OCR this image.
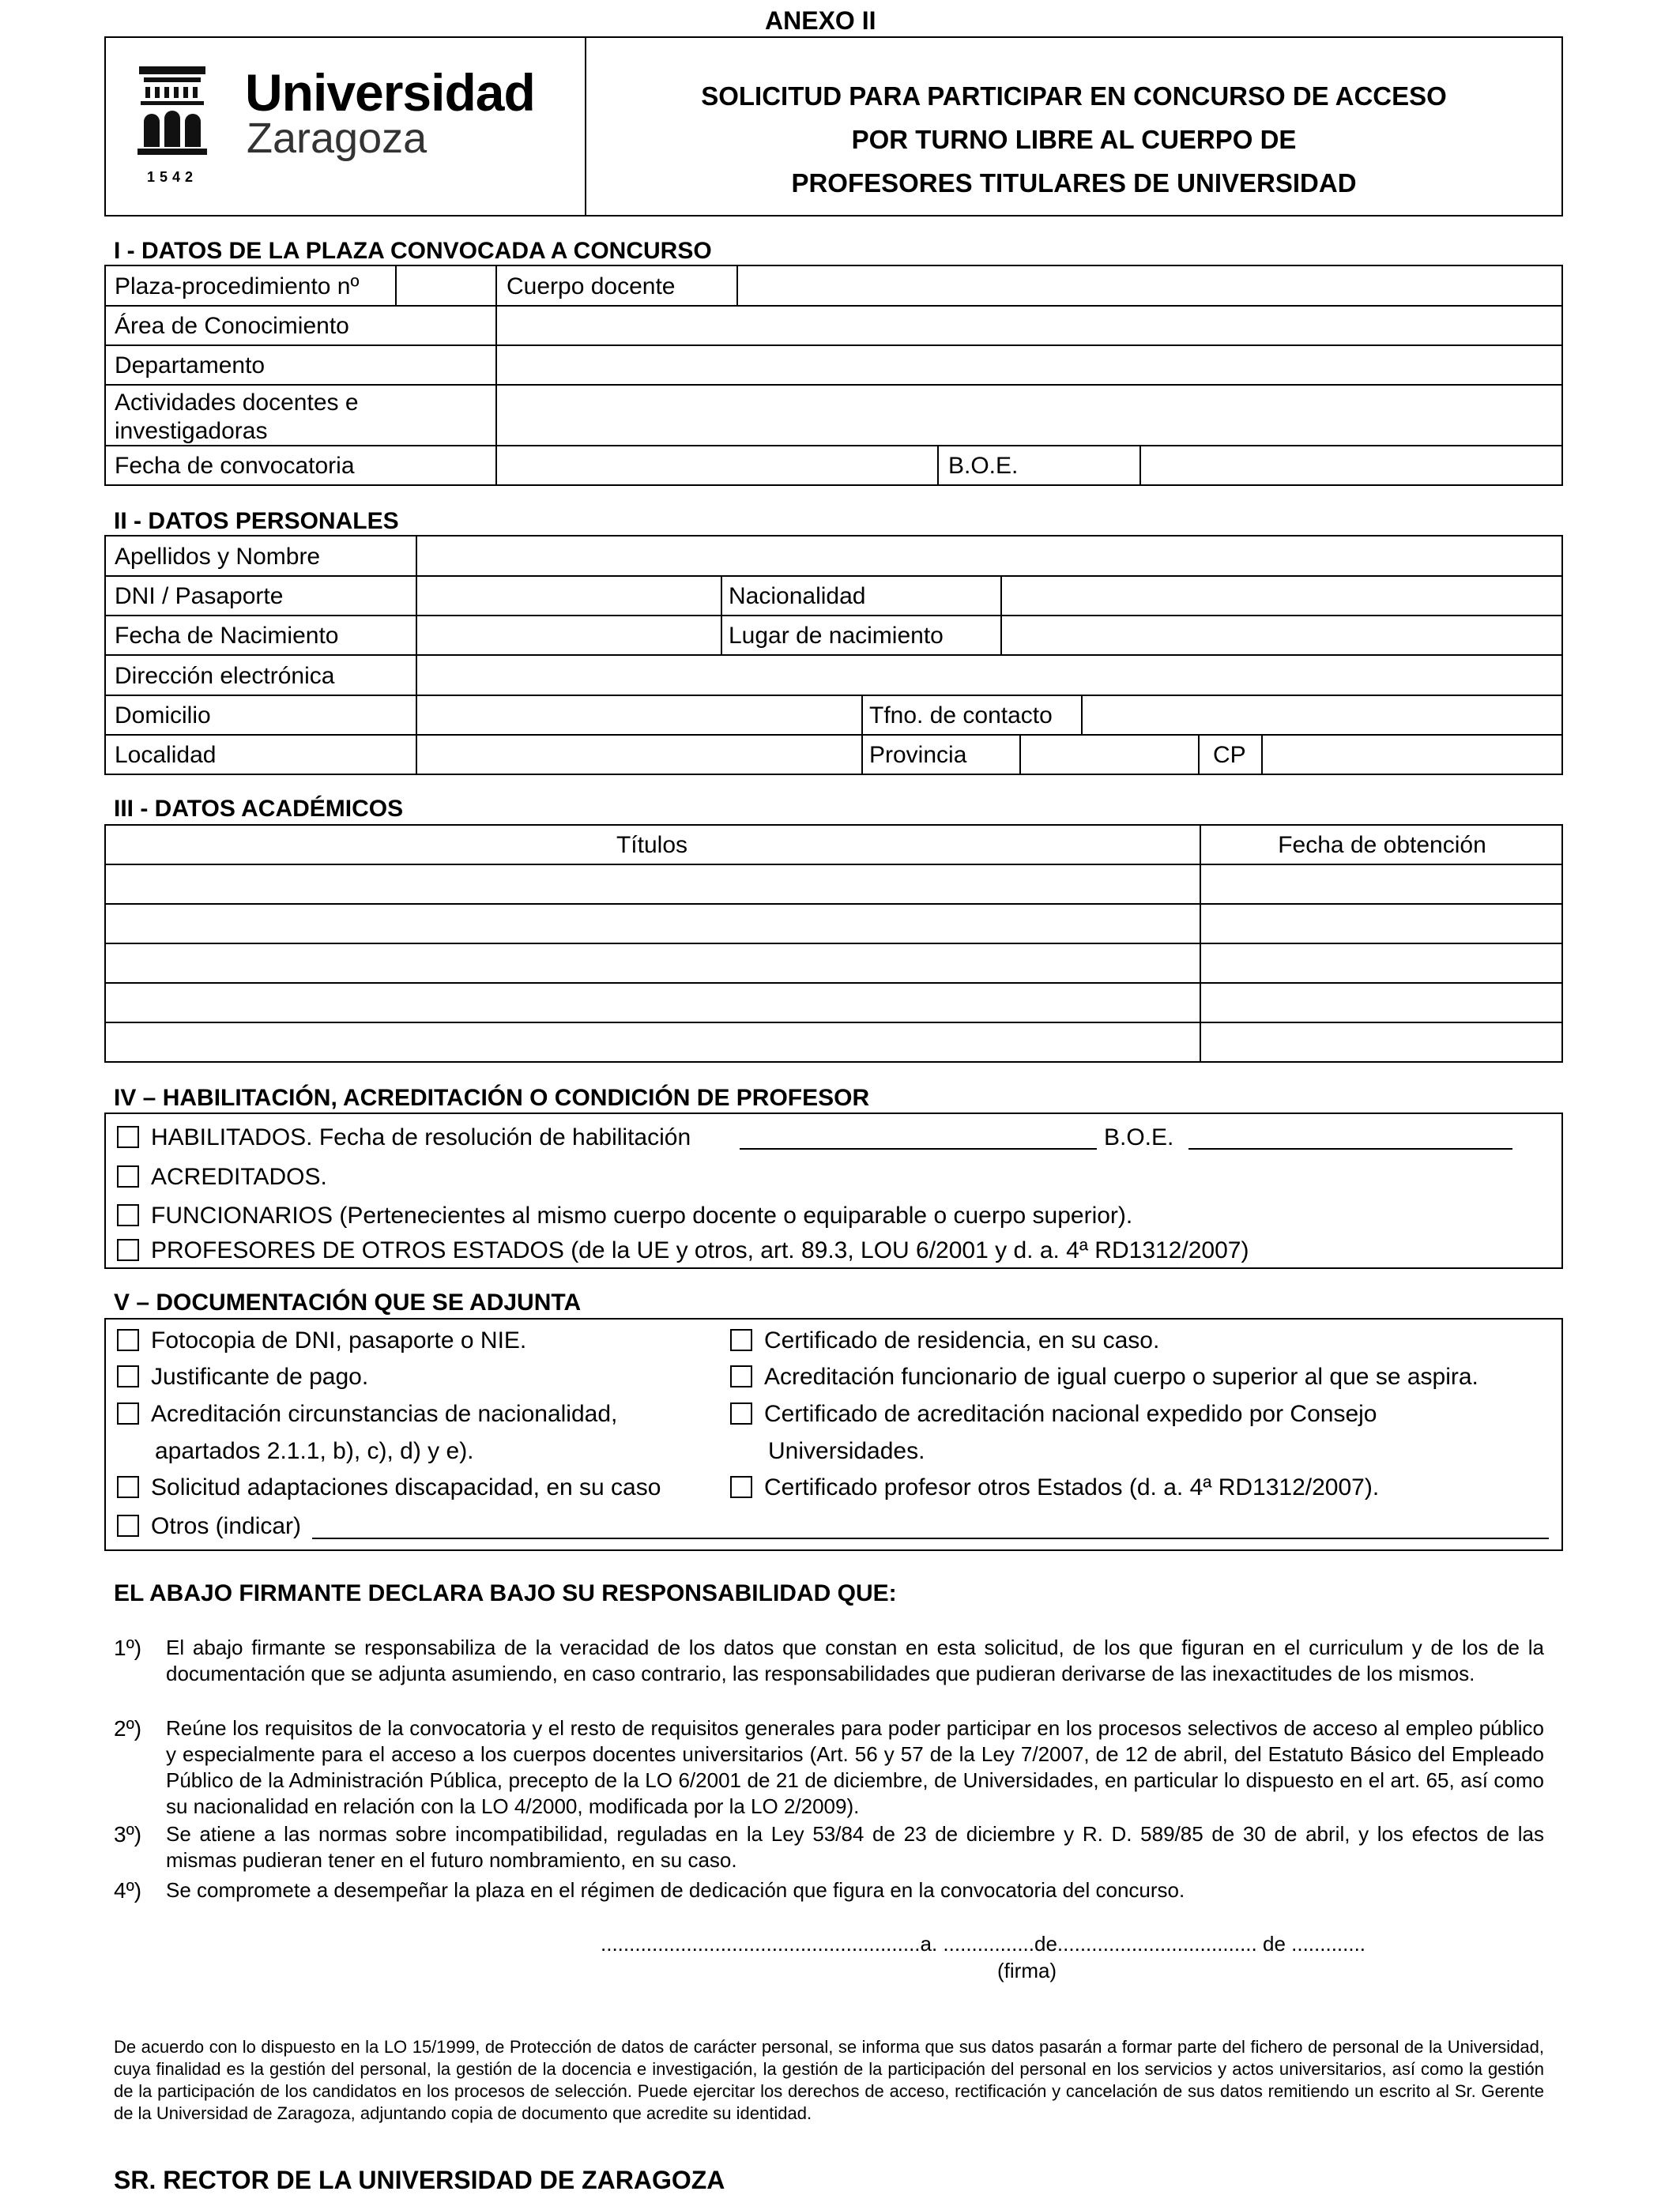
ANEXO II
Universidad
Zaragoza
1542
SOLICITUD PARA PARTICIPAR EN CONCURSO DE ACCESO
POR TURNO LIBRE AL CUERPO DE
PROFESORES TITULARES DE UNIVERSIDAD
I - DATOS DE LA PLAZA CONVOCADA A CONCURSO
Plaza-procedimiento nº	Cuerpo docente
Área de Conocimiento
Departamento
Actividades docentes e
investigadoras
Fecha de convocatoria	B.O.E.
II - DATOS PERSONALES
Apellidos y Nombre
DNI / Pasaporte	Nacionalidad
Fecha de Nacimiento	Lugar de nacimiento
Dirección electrónica
Domicilio	Tfno. de contacto
Localidad	Provincia	CP
III - DATOS ACADÉMICOS
Títulos	Fecha de obtención
IV – HABILITACIÓN, ACREDITACIÓN O CONDICIÓN DE PROFESOR
HABILITADOS. Fecha de resolución de habilitación	B.O.E.
ACREDITADOS.
FUNCIONARIOS (Pertenecientes al mismo cuerpo docente o equiparable o cuerpo superior).
PROFESORES DE OTROS ESTADOS (de la UE y otros, art. 89.3, LOU 6/2001 y d. a. 4ª RD1312/2007)
V – DOCUMENTACIÓN QUE SE ADJUNTA
Fotocopia de DNI, pasaporte o NIE.
Justificante de pago.
Acreditación circunstancias de nacionalidad,
apartados 2.1.1, b), c), d) y e).
Solicitud adaptaciones discapacidad, en su caso
Otros (indicar)
Certificado de residencia, en su caso.
Acreditación funcionario de igual cuerpo o superior al que se aspira.
Certificado de acreditación nacional expedido por Consejo
Universidades.
Certificado profesor otros Estados (d. a. 4ª RD1312/2007).
EL ABAJO FIRMANTE DECLARA BAJO SU RESPONSABILIDAD QUE:
1º) El abajo firmante se responsabiliza de la veracidad de los datos que constan en esta solicitud, de los que figuran en el curriculum y de los de la documentación que se adjunta asumiendo, en caso contrario, las responsabilidades que pudieran derivarse de las inexactitudes de los mismos.
2º) Reúne los requisitos de la convocatoria y el resto de requisitos generales para poder participar en los procesos selectivos de acceso al empleo público y especialmente para el acceso a los cuerpos docentes universitarios (Art. 56 y 57 de la Ley 7/2007, de 12 de abril, del Estatuto Básico del Empleado Público de la Administración Pública, precepto de la LO 6/2001 de 21 de diciembre, de Universidades, en particular lo dispuesto en el art. 65, así como su nacionalidad en relación con la LO 4/2000, modificada por la LO 2/2009).
3º) Se atiene a las normas sobre incompatibilidad, reguladas en la Ley 53/84 de 23 de diciembre y R. D. 589/85 de 30 de abril, y los efectos de las mismas pudieran tener en el futuro nombramiento, en su caso.
4º) Se compromete a desempeñar la plaza en el régimen de dedicación que figura en la convocatoria del concurso.
........................................................a. ................de................................... de .............
(firma)
De acuerdo con lo dispuesto en la LO 15/1999, de Protección de datos de carácter personal, se informa que sus datos pasarán a formar parte del fichero de personal de la Universidad, cuya finalidad es la gestión del personal, la gestión de la docencia e investigación, la gestión de la participación del personal en los servicios y actos universitarios, así como la gestión de la participación de los candidatos en los procesos de selección. Puede ejercitar los derechos de acceso, rectificación y cancelación de sus datos remitiendo un escrito al Sr. Gerente de la Universidad de Zaragoza, adjuntando copia de documento que acredite su identidad.
SR. RECTOR DE LA UNIVERSIDAD DE ZARAGOZA
